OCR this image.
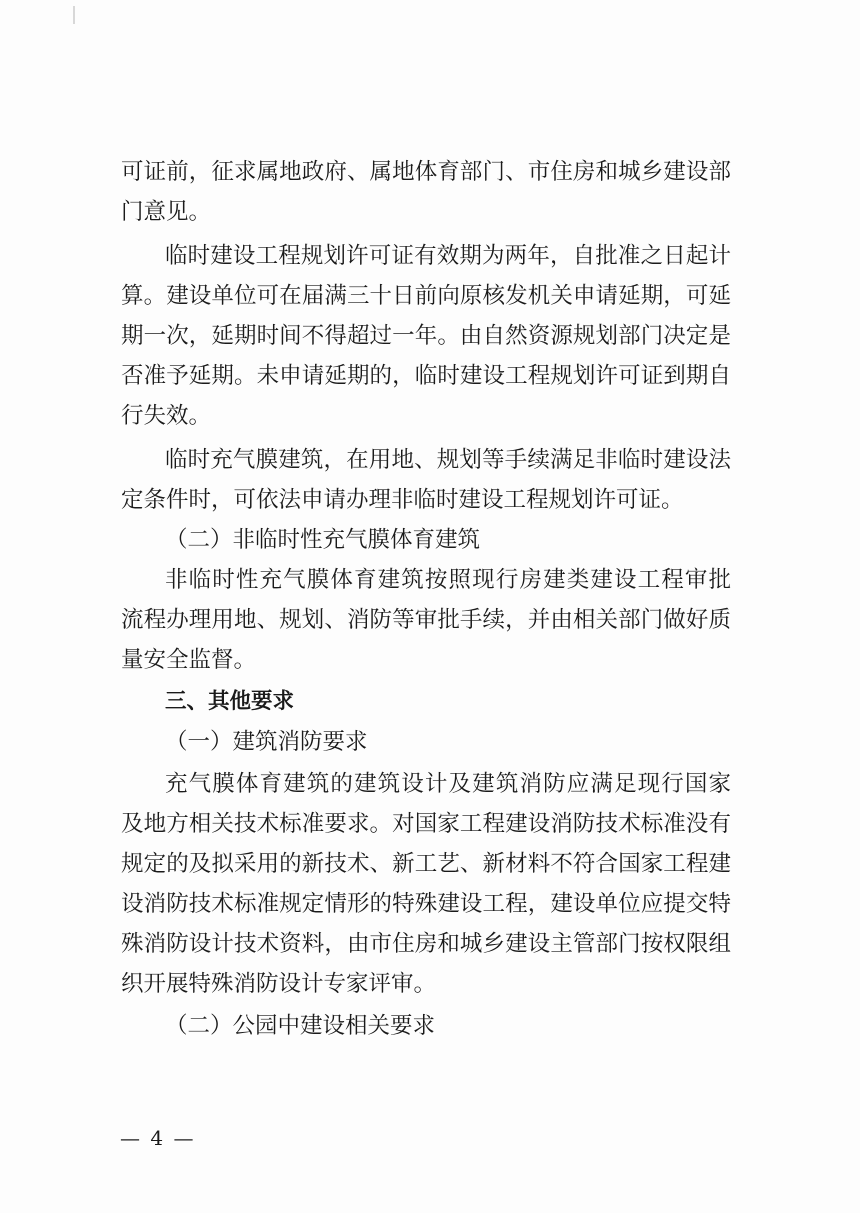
可证前，征求属地政府、属地体育部门、市住房和城乡建设部
门意见。
临时建设工程规划许可证有效期为两年，自批准之日起计
算。建设单位可在届满三十日前向原核发机关申请延期，可延
期一次，延期时间不得超过一年。由自然资源规划部门决定是
否准予延期。未申请延期的，临时建设工程规划许可证到期自
行失效。
临时充气膜建筑，在用地、规划等手续满足非临时建设法
定条件时，可依法申请办理非临时建设工程规划许可证。
（二）非临时性充气膜体育建筑
非临时性充气膜体育建筑按照现行房建类建设工程审批
流程办理用地、规划、消防等审批手续，并由相关部门做好质
量安全监督。
三、其他要求
（一）建筑消防要求
充气膜体育建筑的建筑设计及建筑消防应满足现行国家
及地方相关技术标准要求。对国家工程建设消防技术标准没有
规定的及拟采用的新技术、新工艺、新材料不符合国家工程建
设消防技术标准规定情形的特殊建设工程，建设单位应提交特
殊消防设计技术资料，由市住房和城乡建设主管部门按权限组
织开展特殊消防设计专家评审。
（二）公园中建设相关要求
— 4 —
